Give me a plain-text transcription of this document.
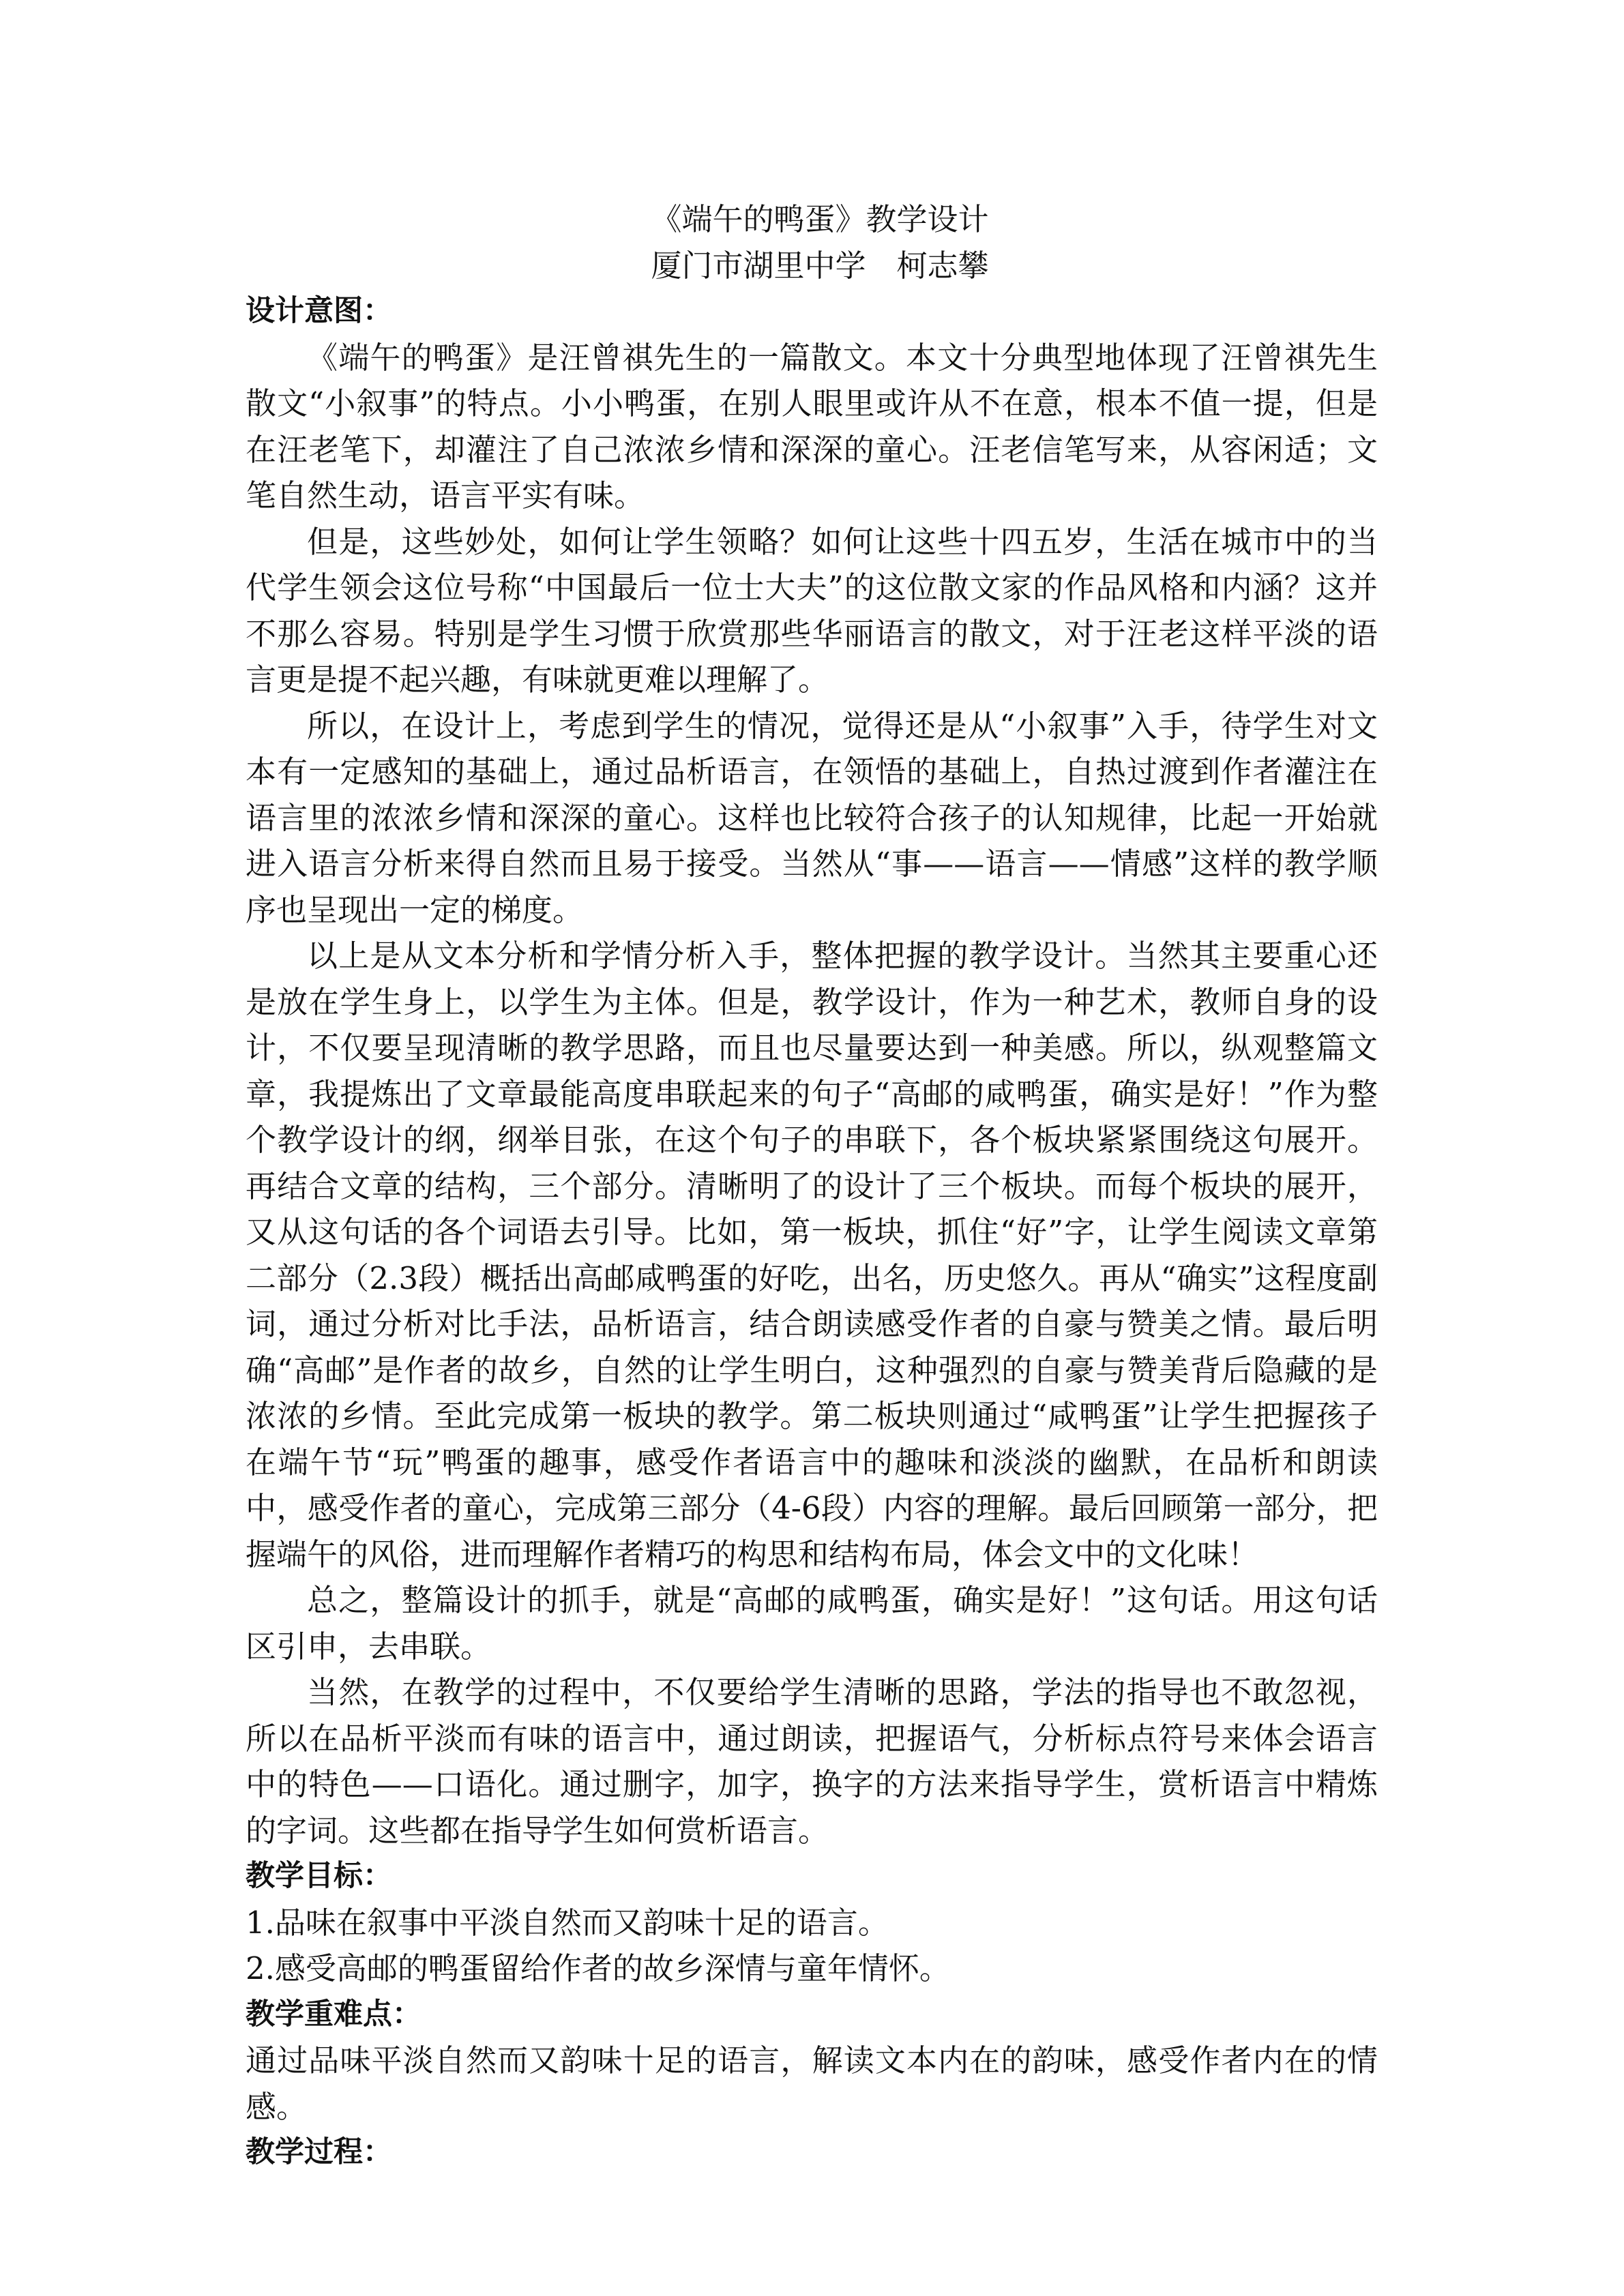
《端午的鸭蛋》教学设计

厦门市湖里中学　柯志攀

设计意图：

《端午的鸭蛋》是汪曾祺先生的一篇散文。本文十分典型地体现了汪曾祺先生散文“小叙事”的特点。小小鸭蛋，在别人眼里或许从不在意，根本不值一提，但是在汪老笔下，却灌注了自己浓浓乡情和深深的童心。汪老信笔写来，从容闲适；文笔自然生动，语言平实有味。

但是，这些妙处，如何让学生领略？如何让这些十四五岁，生活在城市中的当代学生领会这位号称“中国最后一位士大夫”的这位散文家的作品风格和内涵？这并不那么容易。特别是学生习惯于欣赏那些华丽语言的散文，对于汪老这样平淡的语言更是提不起兴趣，有味就更难以理解了。

所以，在设计上，考虑到学生的情况，觉得还是从“小叙事”入手，待学生对文本有一定感知的基础上，通过品析语言，在领悟的基础上，自热过渡到作者灌注在语言里的浓浓乡情和深深的童心。这样也比较符合孩子的认知规律，比起一开始就进入语言分析来得自然而且易于接受。当然从“事——语言——情感”这样的教学顺序也呈现出一定的梯度。

以上是从文本分析和学情分析入手，整体把握的教学设计。当然其主要重心还是放在学生身上，以学生为主体。但是，教学设计，作为一种艺术，教师自身的设计，不仅要呈现清晰的教学思路，而且也尽量要达到一种美感。所以，纵观整篇文章，我提炼出了文章最能高度串联起来的句子“高邮的咸鸭蛋，确实是好！”作为整个教学设计的纲，纲举目张，在这个句子的串联下，各个板块紧紧围绕这句展开。再结合文章的结构，三个部分。清晰明了的设计了三个板块。而每个板块的展开，又从这句话的各个词语去引导。比如，第一板块，抓住“好”字，让学生阅读文章第二部分（2.3段）概括出高邮咸鸭蛋的好吃，出名，历史悠久。再从“确实”这程度副词，通过分析对比手法，品析语言，结合朗读感受作者的自豪与赞美之情。最后明确“高邮”是作者的故乡，自然的让学生明白，这种强烈的自豪与赞美背后隐藏的是浓浓的乡情。至此完成第一板块的教学。第二板块则通过“咸鸭蛋”让学生把握孩子在端午节“玩”鸭蛋的趣事，感受作者语言中的趣味和淡淡的幽默，在品析和朗读中，感受作者的童心，完成第三部分（4-6段）内容的理解。最后回顾第一部分，把握端午的风俗，进而理解作者精巧的构思和结构布局，体会文中的文化味！

总之，整篇设计的抓手，就是“高邮的咸鸭蛋，确实是好！”这句话。用这句话区引申，去串联。

当然，在教学的过程中，不仅要给学生清晰的思路，学法的指导也不敢忽视，所以在品析平淡而有味的语言中，通过朗读，把握语气，分析标点符号来体会语言中的特色——口语化。通过删字，加字，换字的方法来指导学生，赏析语言中精炼的字词。这些都在指导学生如何赏析语言。

教学目标：

1.品味在叙事中平淡自然而又韵味十足的语言。

2.感受高邮的鸭蛋留给作者的故乡深情与童年情怀。

教学重难点：

通过品味平淡自然而又韵味十足的语言，解读文本内在的韵味，感受作者内在的情感。

教学过程：
